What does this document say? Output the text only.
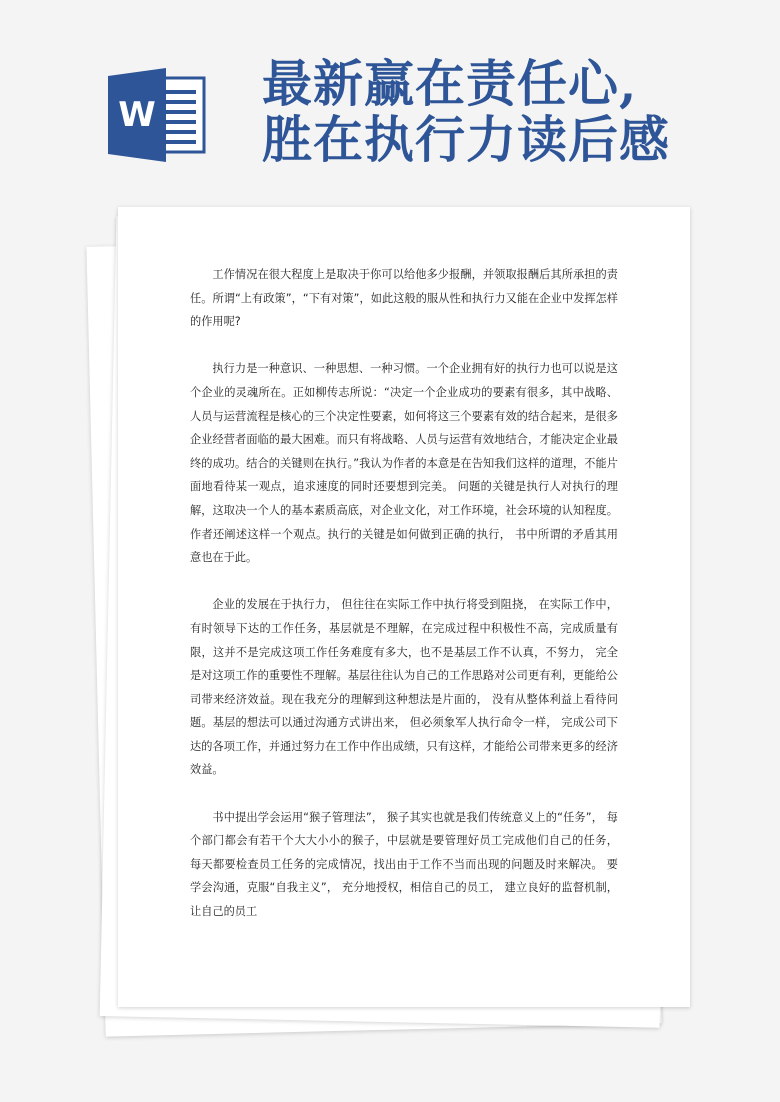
W
最新赢在责任心,
胜在执行力读后感

工作情况在很大程度上是取决于你可以给他多少报酬，并领取报酬后其所承担的责任。所谓“上有政策”，“下有对策”，如此这般的服从性和执行力又能在企业中发挥怎样的作用呢?

执行力是一种意识、一种思想、一种习惯。一个企业拥有好的执行力也可以说是这个企业的灵魂所在。正如柳传志所说：“决定一个企业成功的要素有很多，其中战略、人员与运营流程是核心的三个决定性要素，如何将这三个要素有效的结合起来，是很多企业经营者面临的最大困难。而只有将战略、人员与运营有效地结合，才能决定企业最终的成功。结合的关键则在执行。”我认为作者的本意是在告知我们这样的道理，不能片面地看待某一观点，追求速度的同时还要想到完美。 问题的关键是执行人对执行的理解，这取决一个人的基本素质高底，对企业文化，对工作环境，社会环境的认知程度。作者还阐述这样一个观点。执行的关键是如何做到正确的执行， 书中所谓的矛盾其用意也在于此。

企业的发展在于执行力， 但往往在实际工作中执行将受到阻挠， 在实际工作中，有时领导下达的工作任务，基层就是不理解，在完成过程中积极性不高，完成质量有限，这并不是完成这项工作任务难度有多大，也不是基层工作不认真，不努力， 完全是对这项工作的重要性不理解。基层往往认为自己的工作思路对公司更有利，更能给公司带来经济效益。现在我充分的理解到这种想法是片面的， 没有从整体利益上看待问题。基层的想法可以通过沟通方式讲出来， 但必须象军人执行命令一样， 完成公司下达的各项工作，并通过努力在工作中作出成绩，只有这样，才能给公司带来更多的经济效益。

书中提出学会运用“猴子管理法”， 猴子其实也就是我们传统意义上的“任务”， 每个部门都会有若干个大大小小的猴子，中层就是要管理好员工完成他们自己的任务， 每天都要检查员工任务的完成情况，找出由于工作不当而出现的问题及时来解决。 要学会沟通，克服“自我主义”， 充分地授权，相信自己的员工， 建立良好的监督机制，让自己的员工
